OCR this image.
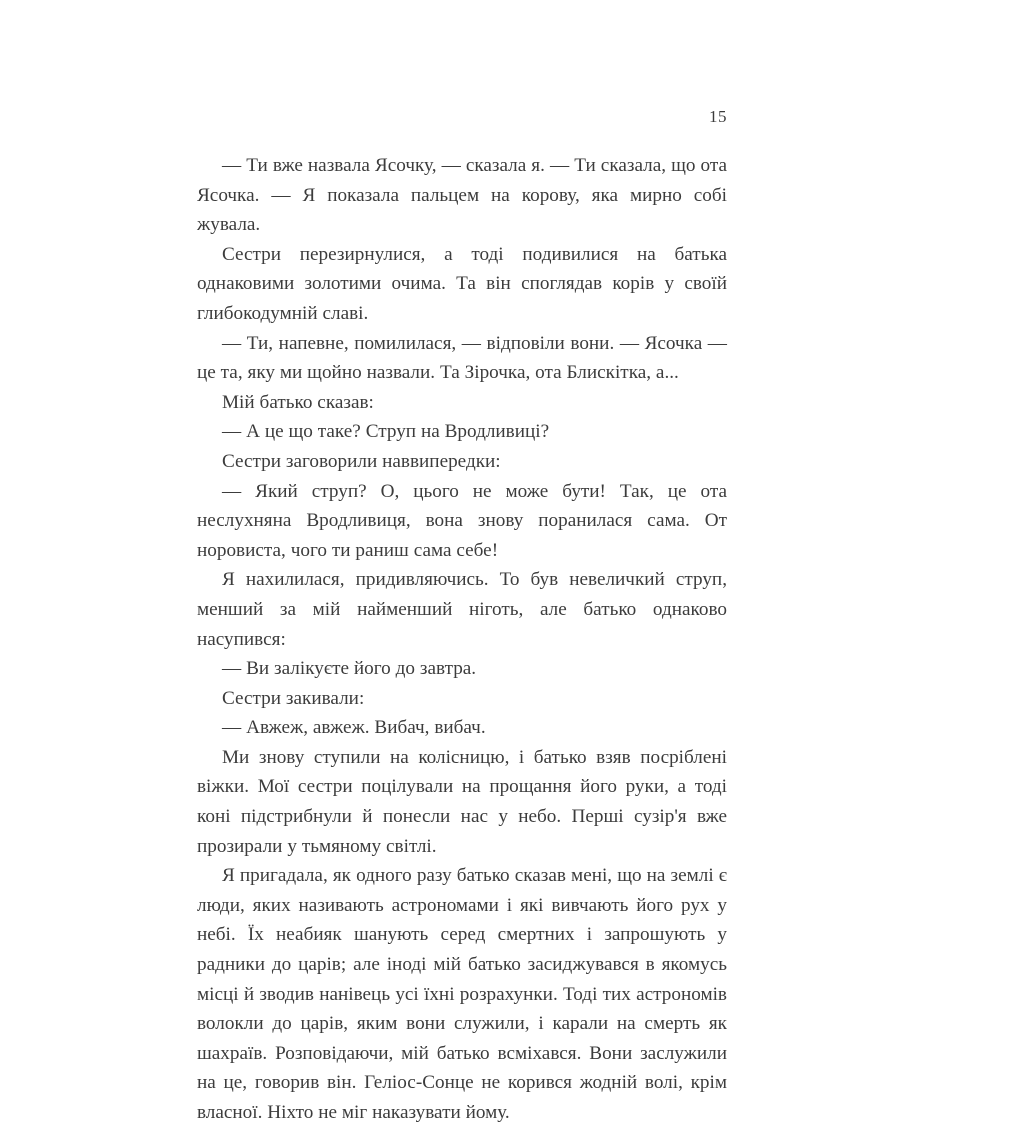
15

— Ти вже назвала Ясочку, — сказала я. — Ти сказала, що ота Ясочка. — Я показала пальцем на корову, яка мирно собі жувала.

Сестри перезирнулися, а тоді подивилися на батька однаковими золотими очима. Та він споглядав корів у своїй глибокодумній славі.

— Ти, напевне, помилилася, — відповіли вони. — Ясочка — це та, яку ми щойно назвали. Та Зірочка, ота Блискітка, а...

Мій батько сказав:

— А це що таке? Струп на Вродливиці?

Сестри заговорили наввипередки:

— Який струп? О, цього не може бути! Так, це ота неслухняна Вродливиця, вона знову поранилася сама. От норовиста, чого ти раниш сама себе!

Я нахилилася, придивляючись. То був невеличкий струп, менший за мій найменший ніготь, але батько однаково насупився:

— Ви залікуєте його до завтра.

Сестри закивали:

— Авжеж, авжеж. Вибач, вибач.

Ми знову ступили на колісницю, і батько взяв посріблені віжки. Мої сестри поцілували на прощання його руки, а тоді коні підстрибнули й понесли нас у небо. Перші сузір'я вже прозирали у тьмяному світлі.

Я пригадала, як одного разу батько сказав мені, що на землі є люди, яких називають астрономами і які вивчають його рух у небі. Їх неабияк шанують серед смертних і запрошують у радники до царів; але іноді мій батько засиджувався в якомусь місці й зводив нанівець усі їхні розрахунки. Тоді тих астрономів волокли до царів, яким вони служили, і карали на смерть як шахраїв. Розповідаючи, мій батько всміхався. Вони заслужили на це, говорив він. Геліос-Сонце не корився жодній волі, крім власної. Ніхто не міг наказувати йому.
